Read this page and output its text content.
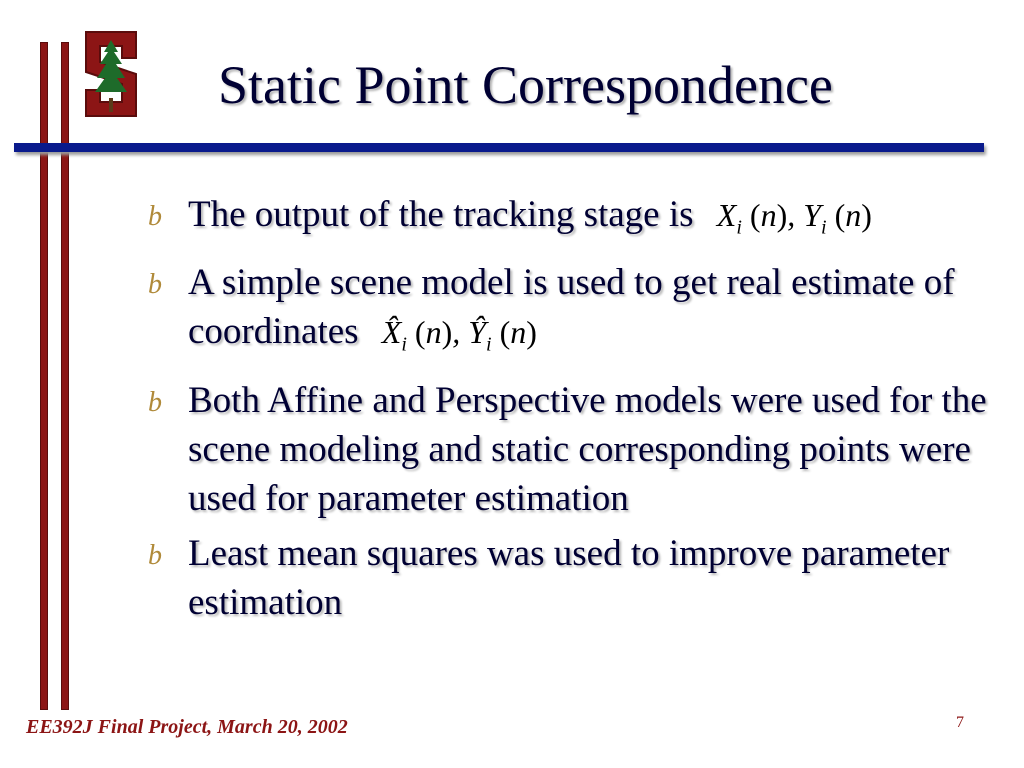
Static Point Correspondence
b The output of the tracking stage is $X_i$ (n), $Y_i$ (n)
b A simple scene model is used to get real estimate of coordinates $X̂_i$ (n), $Ŷ_i$ (n)
b Both Affine and Perspective models were used for the scene modeling and static corresponding points were used for parameter estimation
b Least mean squares was used to improve parameter estimation
EE392J Final Project, March 20, 2002	7
